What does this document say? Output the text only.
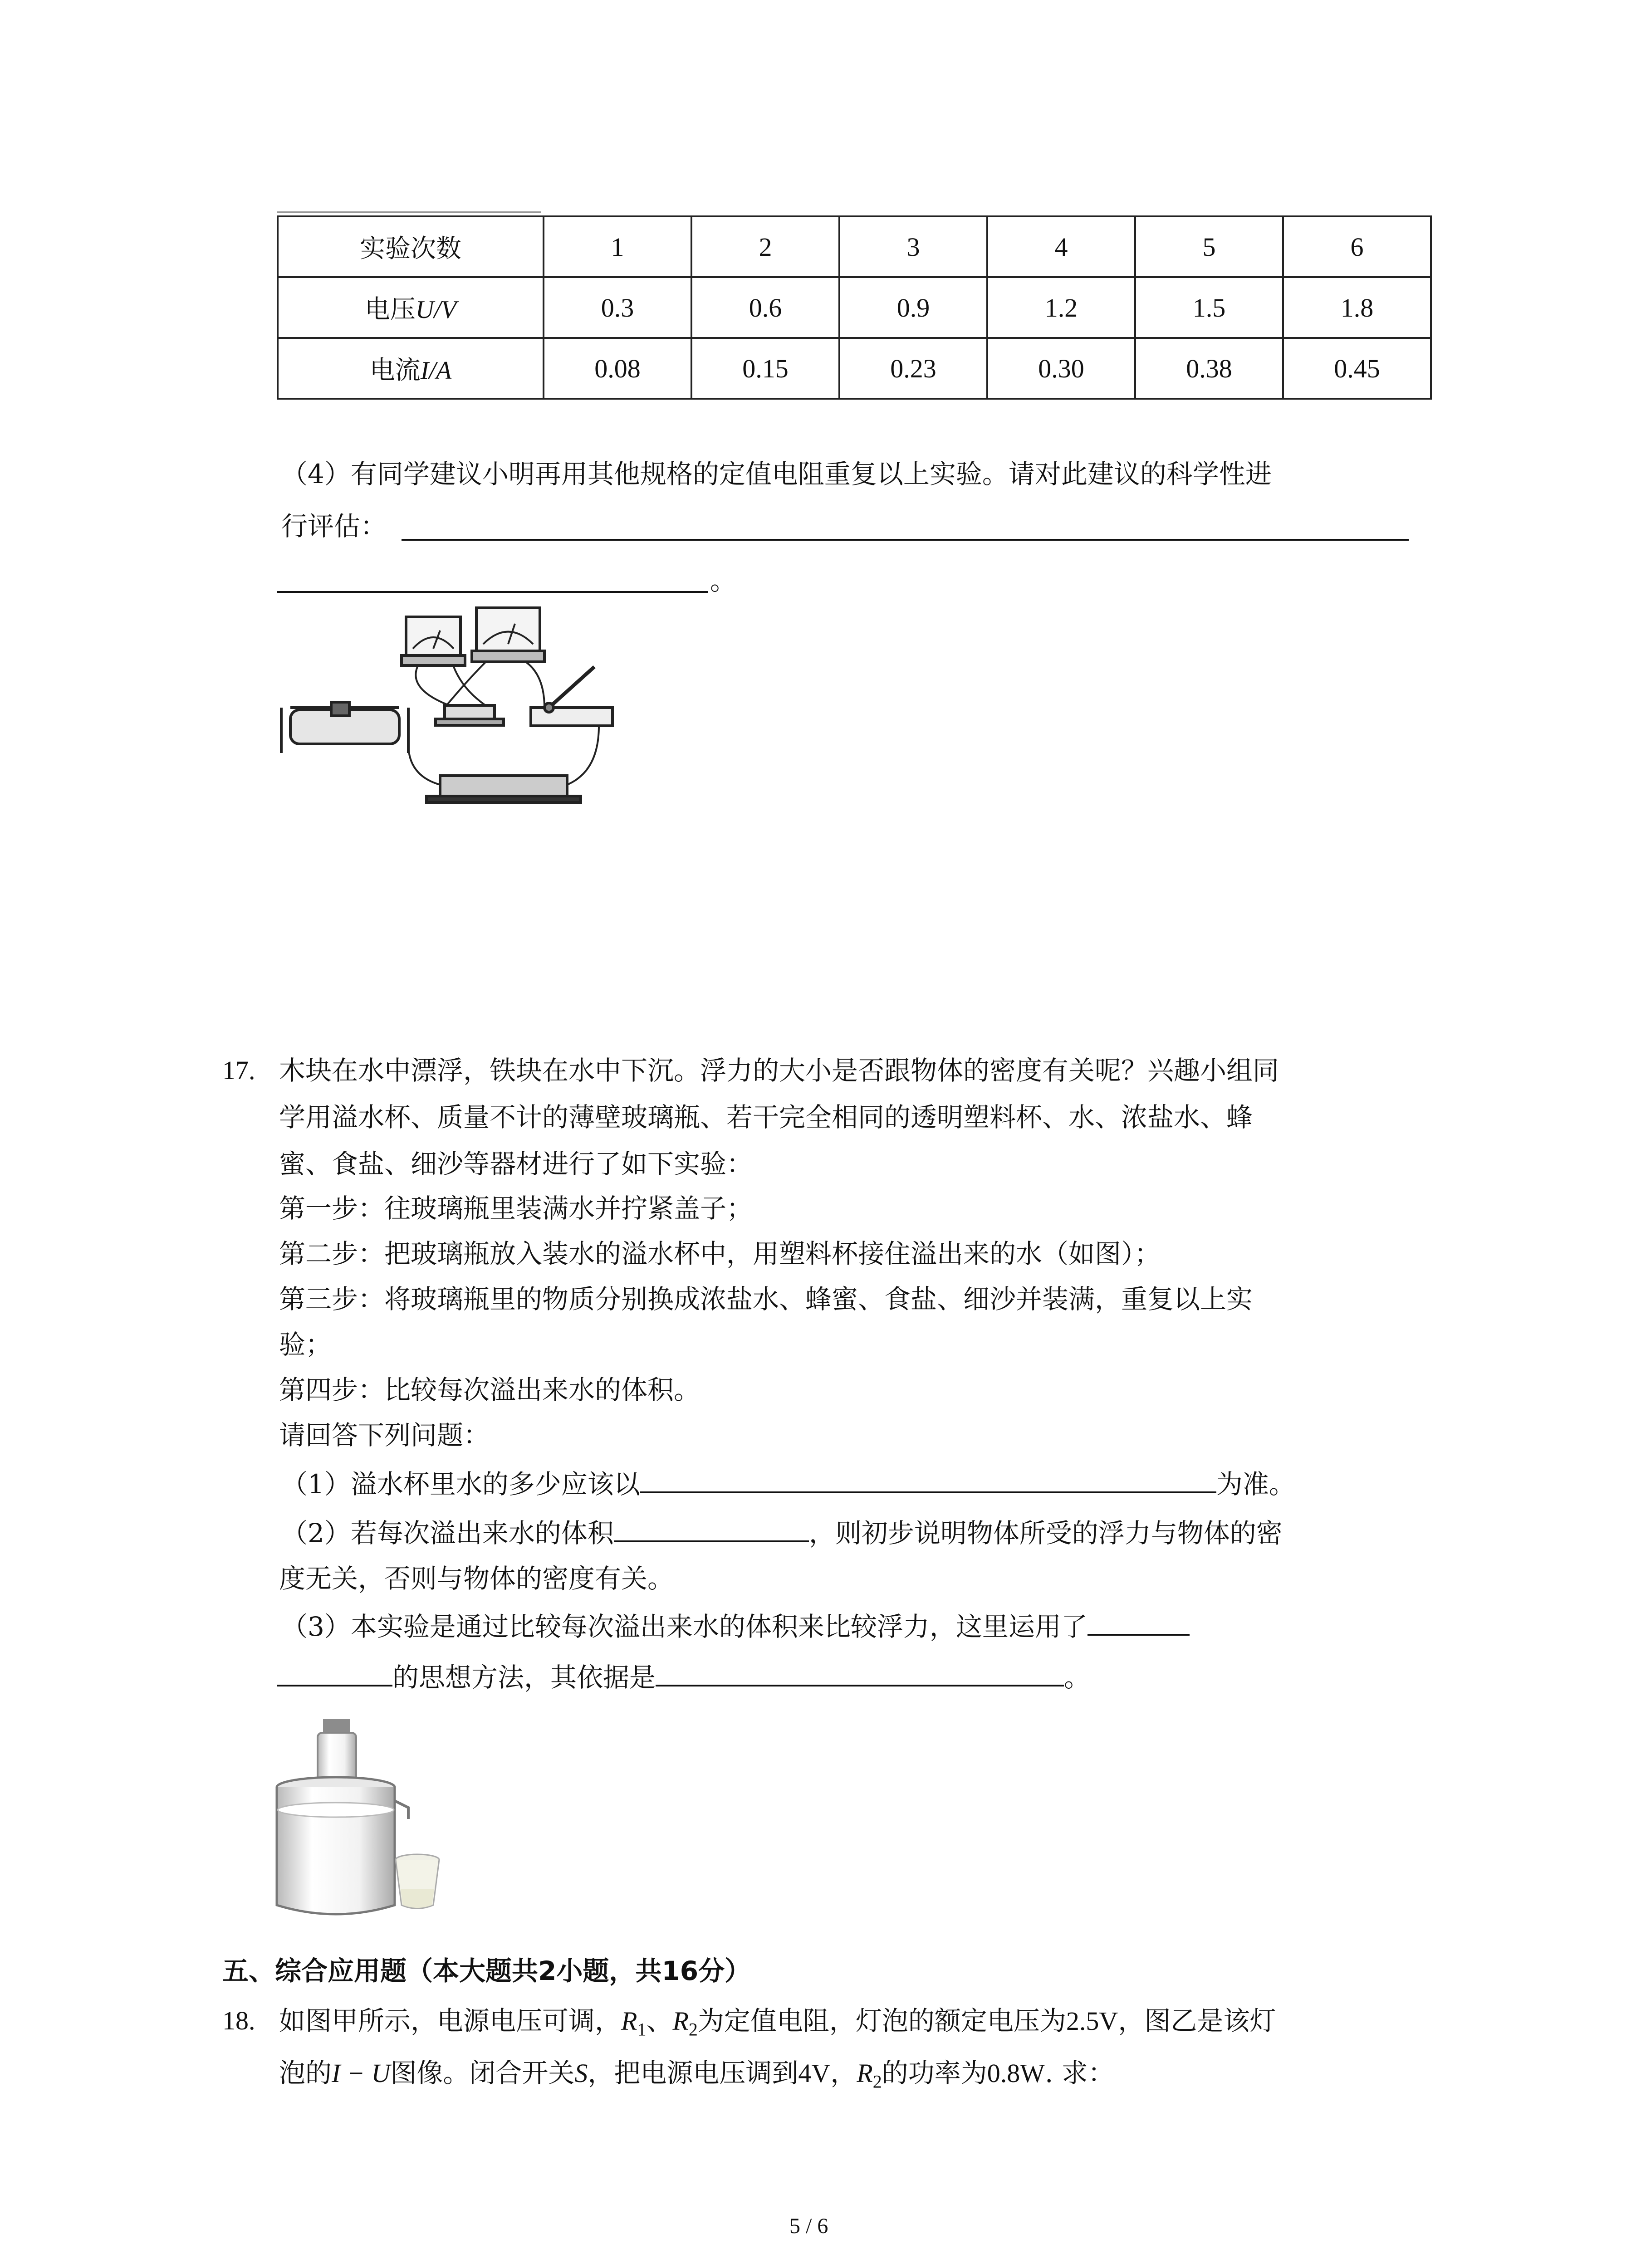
实验次数	1	2	3	4	5	6
电压U/V	0.3	0.6	0.9	1.2	1.5	1.8
电流I/A	0.08	0.15	0.23	0.30	0.38	0.45
（4）有同学建议小明再用其他规格的定值电阻重复以上实验。请对此建议的科学性进
行评估：
。
17. 木块在水中漂浮，铁块在水中下沉。浮力的大小是否跟物体的密度有关呢？兴趣小组同
学用溢水杯、质量不计的薄壁玻璃瓶、若干完全相同的透明塑料杯、水、浓盐水、蜂
蜜、食盐、细沙等器材进行了如下实验：
第一步：往玻璃瓶里装满水并拧紧盖子；
第二步：把玻璃瓶放入装水的溢水杯中，用塑料杯接住溢出来的水（如图）；
第三步：将玻璃瓶里的物质分别换成浓盐水、蜂蜜、食盐、细沙并装满，重复以上实
验；
第四步：比较每次溢出来水的体积。
请回答下列问题：
（1）溢水杯里水的多少应该以	为准。
（2）若每次溢出来水的体积	，则初步说明物体所受的浮力与物体的密
度无关，否则与物体的密度有关。
（3）本实验是通过比较每次溢出来水的体积来比较浮力，这里运用了
的思想方法，其依据是	。
五、综合应用题（本大题共2小题，共16分）
18. 如图甲所示，电源电压可调，$R_1$、$R_2$为定值电阻，灯泡的额定电压为2.5V，图乙是该灯
泡的I − U图像。闭合开关S，把电源电压调到4V，$R_2$的功率为0.8W. 求：
5 / 6
